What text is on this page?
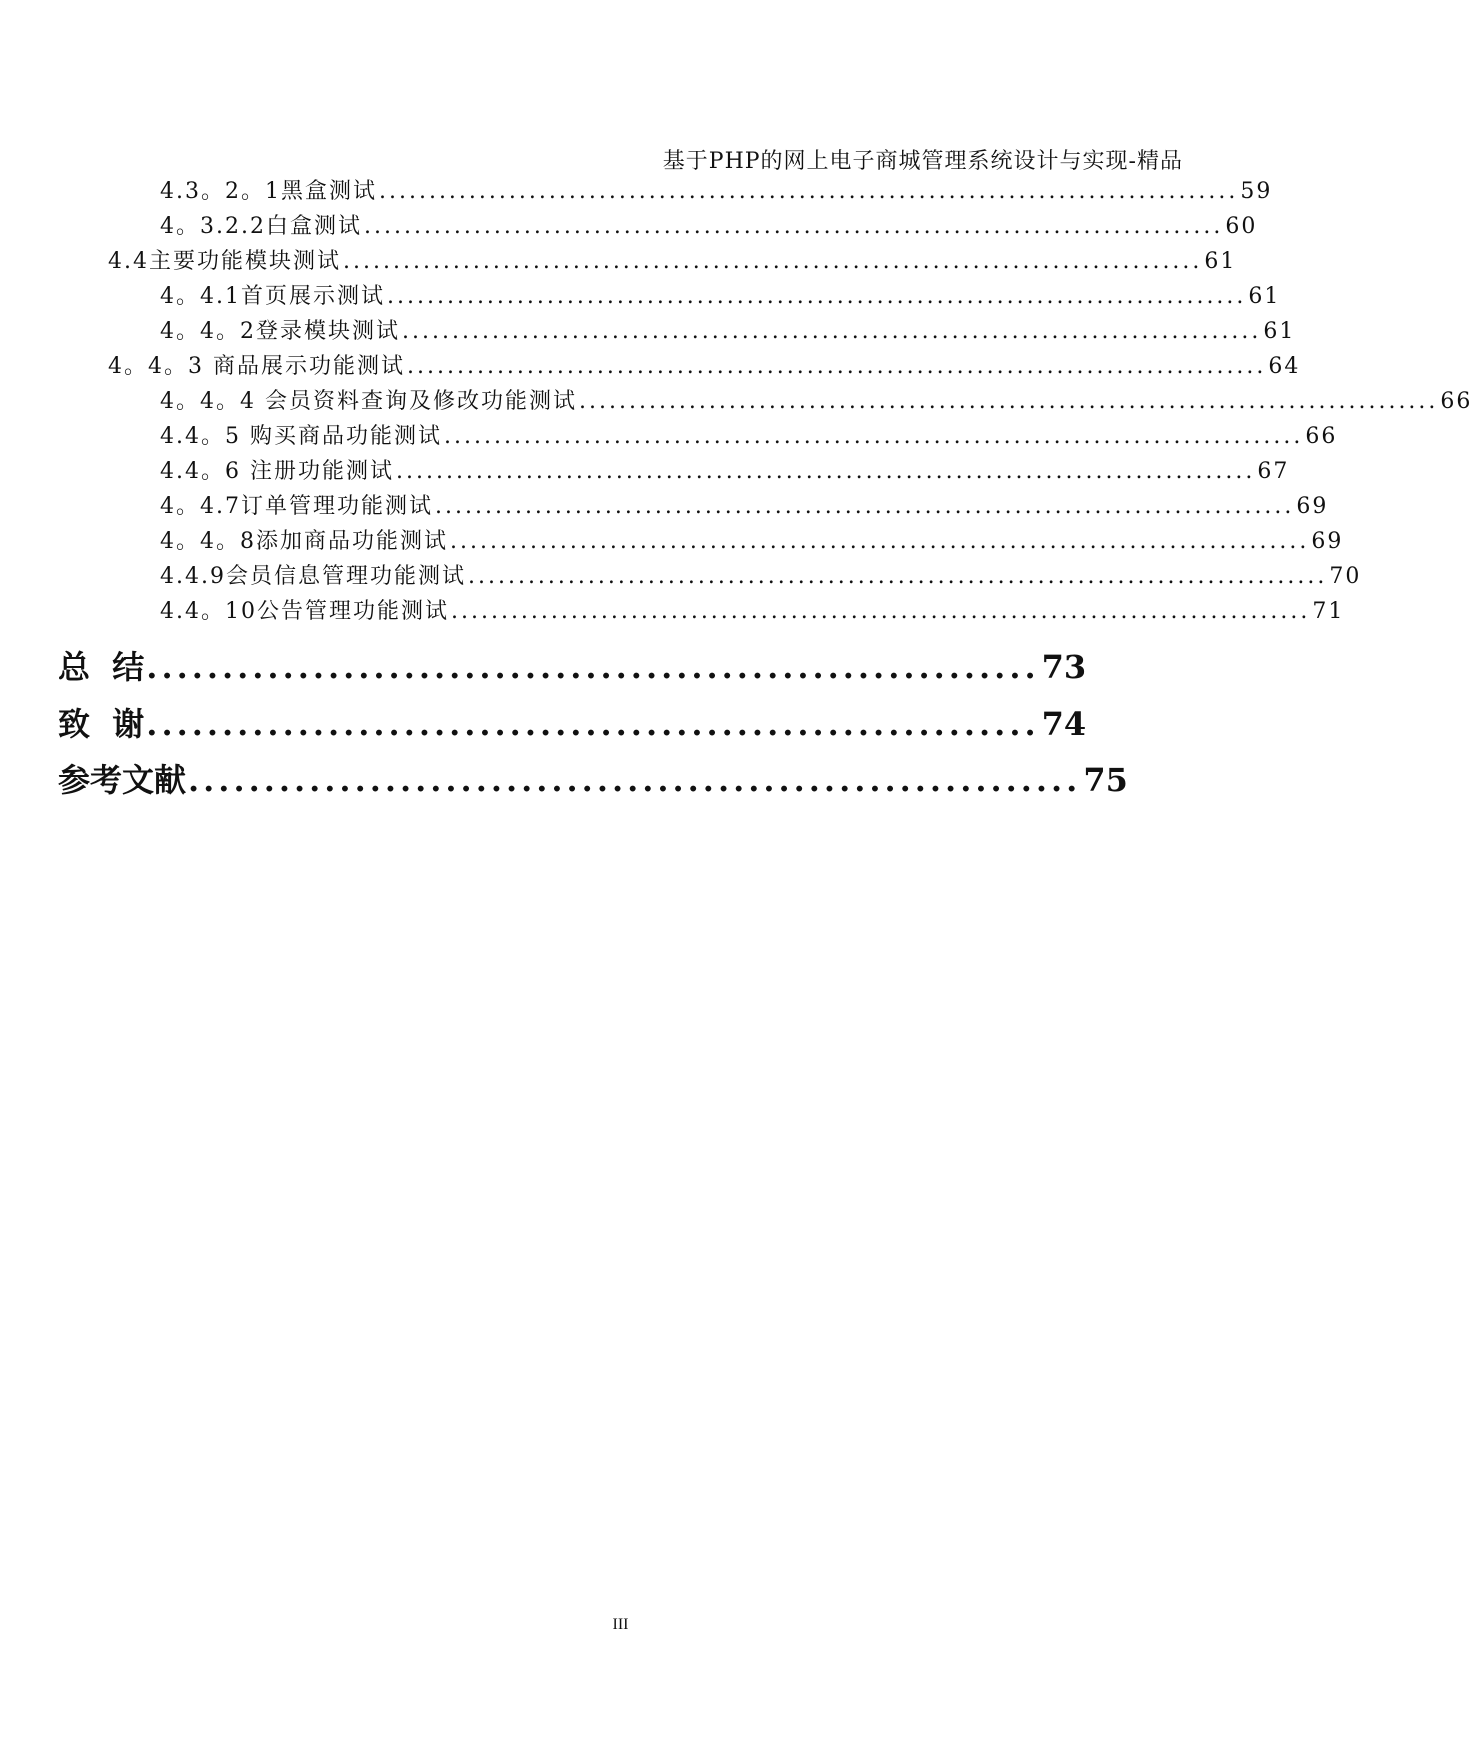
基于PHP的网上电子商城管理系统设计与实现-精品
4.3。2。1黑盒测试 ...................................................................................... 59
4。3.2.2白盒测试 ...................................................................................... 60
4.4主要功能模块测试 ...................................................................................... 61
4。4.1首页展示测试 ...................................................................................... 61
4。4。2登录模块测试 ...................................................................................... 61
4。4。3 商品展示功能测试 ...................................................................................... 64
4。4。4 会员资料查询及修改功能测试 ...................................................................................... 66
4.4。5 购买商品功能测试 ...................................................................................... 66
4.4。6 注册功能测试 ...................................................................................... 67
4。4.7订单管理功能测试 ...................................................................................... 69
4。4。8添加商品功能测试 ...................................................................................... 69
4.4.9会员信息管理功能测试 ...................................................................................... 70
4.4。10公告管理功能测试 ...................................................................................... 71
总  结 ........................................................... 73
致  谢 ........................................................... 74
参考文献 ........................................................... 75
III
